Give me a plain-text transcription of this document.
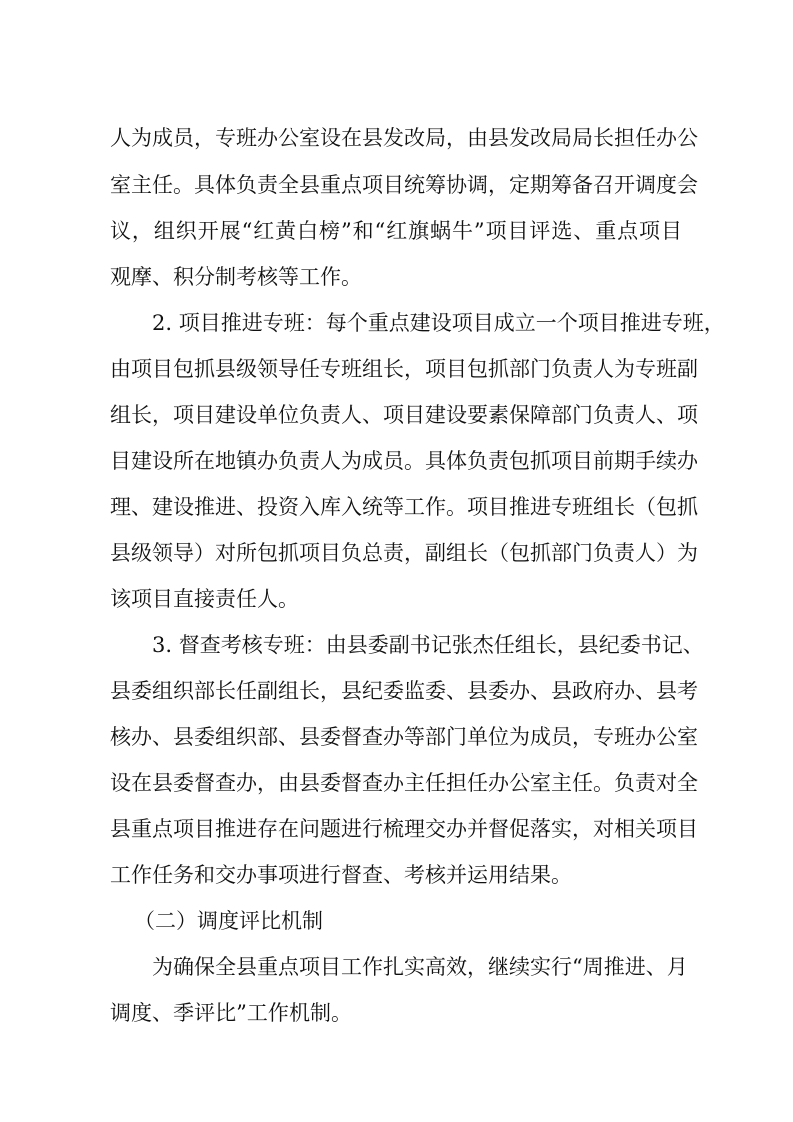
人为成员，专班办公室设在县发改局，由县发改局局长担任办公
室主任。具体负责全县重点项目统筹协调，定期筹备召开调度会
议，组织开展“红黄白榜”和“红旗蜗牛”项目评选、重点项目
观摩、积分制考核等工作。
2. 项目推进专班：每个重点建设项目成立一个项目推进专班，
由项目包抓县级领导任专班组长，项目包抓部门负责人为专班副
组长，项目建设单位负责人、项目建设要素保障部门负责人、项
目建设所在地镇办负责人为成员。具体负责包抓项目前期手续办
理、建设推进、投资入库入统等工作。项目推进专班组长（包抓
县级领导）对所包抓项目负总责，副组长（包抓部门负责人）为
该项目直接责任人。
3. 督查考核专班：由县委副书记张杰任组长，县纪委书记、
县委组织部长任副组长，县纪委监委、县委办、县政府办、县考
核办、县委组织部、县委督查办等部门单位为成员，专班办公室
设在县委督查办，由县委督查办主任担任办公室主任。负责对全
县重点项目推进存在问题进行梳理交办并督促落实，对相关项目
工作任务和交办事项进行督查、考核并运用结果。
（二）调度评比机制
为确保全县重点项目工作扎实高效，继续实行“周推进、月
调度、季评比”工作机制。
